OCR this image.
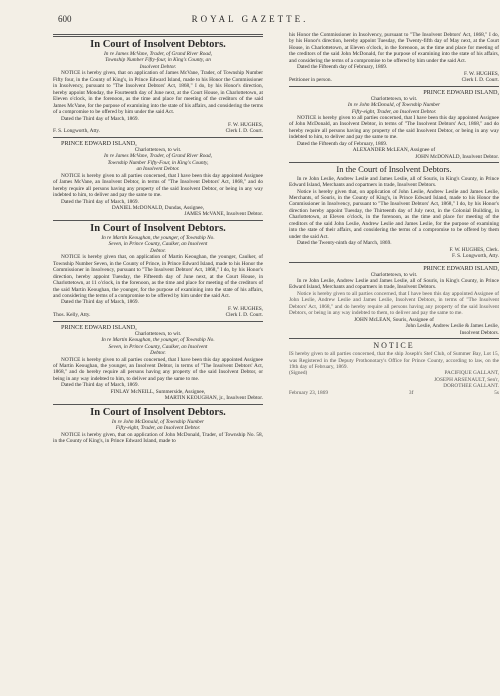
600	ROYAL GAZETTE.
In Court of Insolvent Debtors.
In re James McVane, Trader, of Grand River Road,
Township Number Fifty-four, in King's County, an
Insolvent Debtor.

NOTICE is hereby given, that on application of James McVane, Trader, of Township Number Fifty four, in the County of King's, in Prince Edward Island, made to his Honor the Commissioner in Insolvency, pursuant to "The Insolvent Debtors' Act, 1868," I do, by his Honor's direction, hereby appoint Monday, the Fourteenth day of June next, at the Court House, in Charlottetown, at Eleven o'clock, in the forenoon, as the time and place for meeting of the creditors of the said James McVane, for the purpose of examining into the state of his affairs, and considering the terms of a compromise to be offered by him under the said Act.

Dated the Third day of March, 1869.

F. W. HUGHES,
F. S. Longworth, Atty.	Clerk I. D. Court.
PRINCE EDWARD ISLAND,
Charlottetown, to wit.
In re James McVane, Trader, of Grand River Road,
Township Number Fifty-Four, in King's County,
an Insolvent Debtor.

NOTICE is hereby given to all parties concerned, that I have been this day appointed Assignee of James McVane, an Insolvent Debtor, in terms of "The Insolvent Debtors' Act, 1868," and do hereby require all persons having any property of the said Insolvent Debtor, or being in any way indebted to him, to deliver and pay the same to me.

Dated the Third day of March, 1869.

DANIEL McDONALD, Dundas, Assignee,
JAMES McVANE, Insolvent Debtor.
In Court of Insolvent Debtors.
In re Martin Keoughan, the younger, of Township No.
Seven, in Prince County, Caulker, an Insolvent
Debtor.

NOTICE is hereby given that, on application of Martin Keoughan, the younger, Caulker, of Township Number Seven, in the County of Prince, in Prince Edward Island, made to his Honor the Commissioner in Insolvency, pursuant to "The Insolvent Debtors' Act, 1868," I do, by his Honor's direction, hereby appoint Tuesday, the Fifteenth day of June next, at the Court House, in Charlottetown, at 11 o'clock, in the forenoon, as the time and place for meeting of the creditors of the said Martin Keoughan, the younger, for the purpose of examining into the state of his affairs, and considering the terms of a compromise to be offered by him under the said Act.

Dated the Third day of March, 1869.

F. W. HUGHES,
Thos. Kelly, Atty.	Clerk I. D. Court.
PRINCE EDWARD ISLAND,
Charlottetown, to wit.
In re Martin Keoughan, the younger, of Township No.
Seven, in Prince County, Caulker, an Insolvent
Debtor.

NOTICE is hereby given to all parties concerned, that I have been this day appointed Assignee of Martin Keoughan, the younger, an Insolvent Debtor, in terms of "The Insolvent Debtors' Act, 1868," and do hereby require all persons having any property of the said Insolvent Debtor, or being in any way indebted to him, to deliver and pay the same to me.

Dated the Third day of March, 1869.

FINLAY McNEILL, Summerside, Assignee,
MARTIN KEOUGHAN, jr., Insolvent Debtor.
In Court of Insolvent Debtors.
In re John McDonald, of Township Number
Fifty-eight, Trader, an Insolvent Debtor.

NOTICE is hereby given, that on application of John McDonald, Trader, of Township No. 58, in the County of King's, in Prince Edward Island, made to

his Honor the Commissioner in Insolvency, pursuant to "The Insolvent Debtors' Act, 1868," I do, by his Honor's direction, hereby appoint Tuesday, the Twenty-fifth day of May next, at the Court House, in Charlottetown, at Eleven o'clock, in the forenoon, as the time and place for meeting of the creditors of the said John McDonald, for the purpose of examining into the state of his affairs, and considering the terms of a compromise to be offered by him under the said Act.

Dated the Fifteenth day of February, 1869.

F. W. HUGHES,
Petitioner in person.	Clerk I. D. Court.
PRINCE EDWARD ISLAND,
Charlottetown, to wit.
In re John McDonald, of Township Number
Fifty-eight, Trader, an Insolvent Debtor.

NOTICE is hereby given to all parties concerned, that I have been this day appointed Assignee of John McDonald, an Insolvent Debtor, in terms of "The Insolvent Debtors' Act, 1868," and do hereby require all persons having any property of the said Insolvent Debtor, or being in any way indebted to him, to deliver and pay the same to me.

Dated the Fifteenth day of February, 1869.

ALEXANDER McLEAN, Assignee of
JOHN McDONALD, Insolvent Debtor.
In the Court of Insolvent Debtors.

In re John Leslie, Andrew Leslie and James Leslie, all of Souris, in King's County, in Prince Edward Island, Merchants and copartners in trade, Insolvent Debtors.

Notice is hereby given that, on application of John Leslie, Andrew Leslie and James Leslie, Merchants, of Souris, in the County of King's, in Prince Edward Island, made to his Honor the Commissioner in Insolvency, pursuant to "The Insolvent Debtors' Act, 1868," I do, by his Honor's direction hereby appoint Tuesday, the Thirteenth day of July next, in the Colonial Building, in Charlottetown, at Eleven o'clock, in the forenoon, as the time and place for meeting of the creditors of the said John Leslie, Andrew Leslie and James Leslie, for the purpose of examining into the state of their affairs, and considering the terms of a compromise to be offered by them under the said Act.

Dated the Twenty-ninth day of March, 1869.

F. W. HUGHES, Clerk.
F. S. Longworth, Atty.
PRINCE EDWARD ISLAND,
Charlottetown, to wit.

In re John Leslie, Andrew Leslie and James Leslie, all of Souris, in King's County, in Prince Edward Island, Merchants and copartners in trade, Insolvent Debtors.

Notice is hereby given to all parties concerned, that I have been this day appointed Assignee of John Leslie, Andrew Leslie and James Leslie, Insolvent Debtors, in terms of "The Insolvent Debtors' Act, 1868," and do hereby require all persons having any property of the said Insolvent Debtors, or being in any way indebted to them, to deliver and pay the same to me.

JOHN McLEAN, Souris, Assignee of
John Leslie, Andrew Leslie & James Leslie,
Insolvent Debtors.
NOTICE

IS hereby given to all parties concerned, that the ship Joseph's Stef Club, of Summer Bay, Lot 15, was Registered in the Deputy Prothonotary's Office for Prince County, according to law, on the 19th day of February, 1869.

(Signed)	PACIFIQUE GALLANT,
JOSEPH ARSENAULT, Sen'r,
DOROTHEE GALLANT.
February 23, 1869	3f	5s
